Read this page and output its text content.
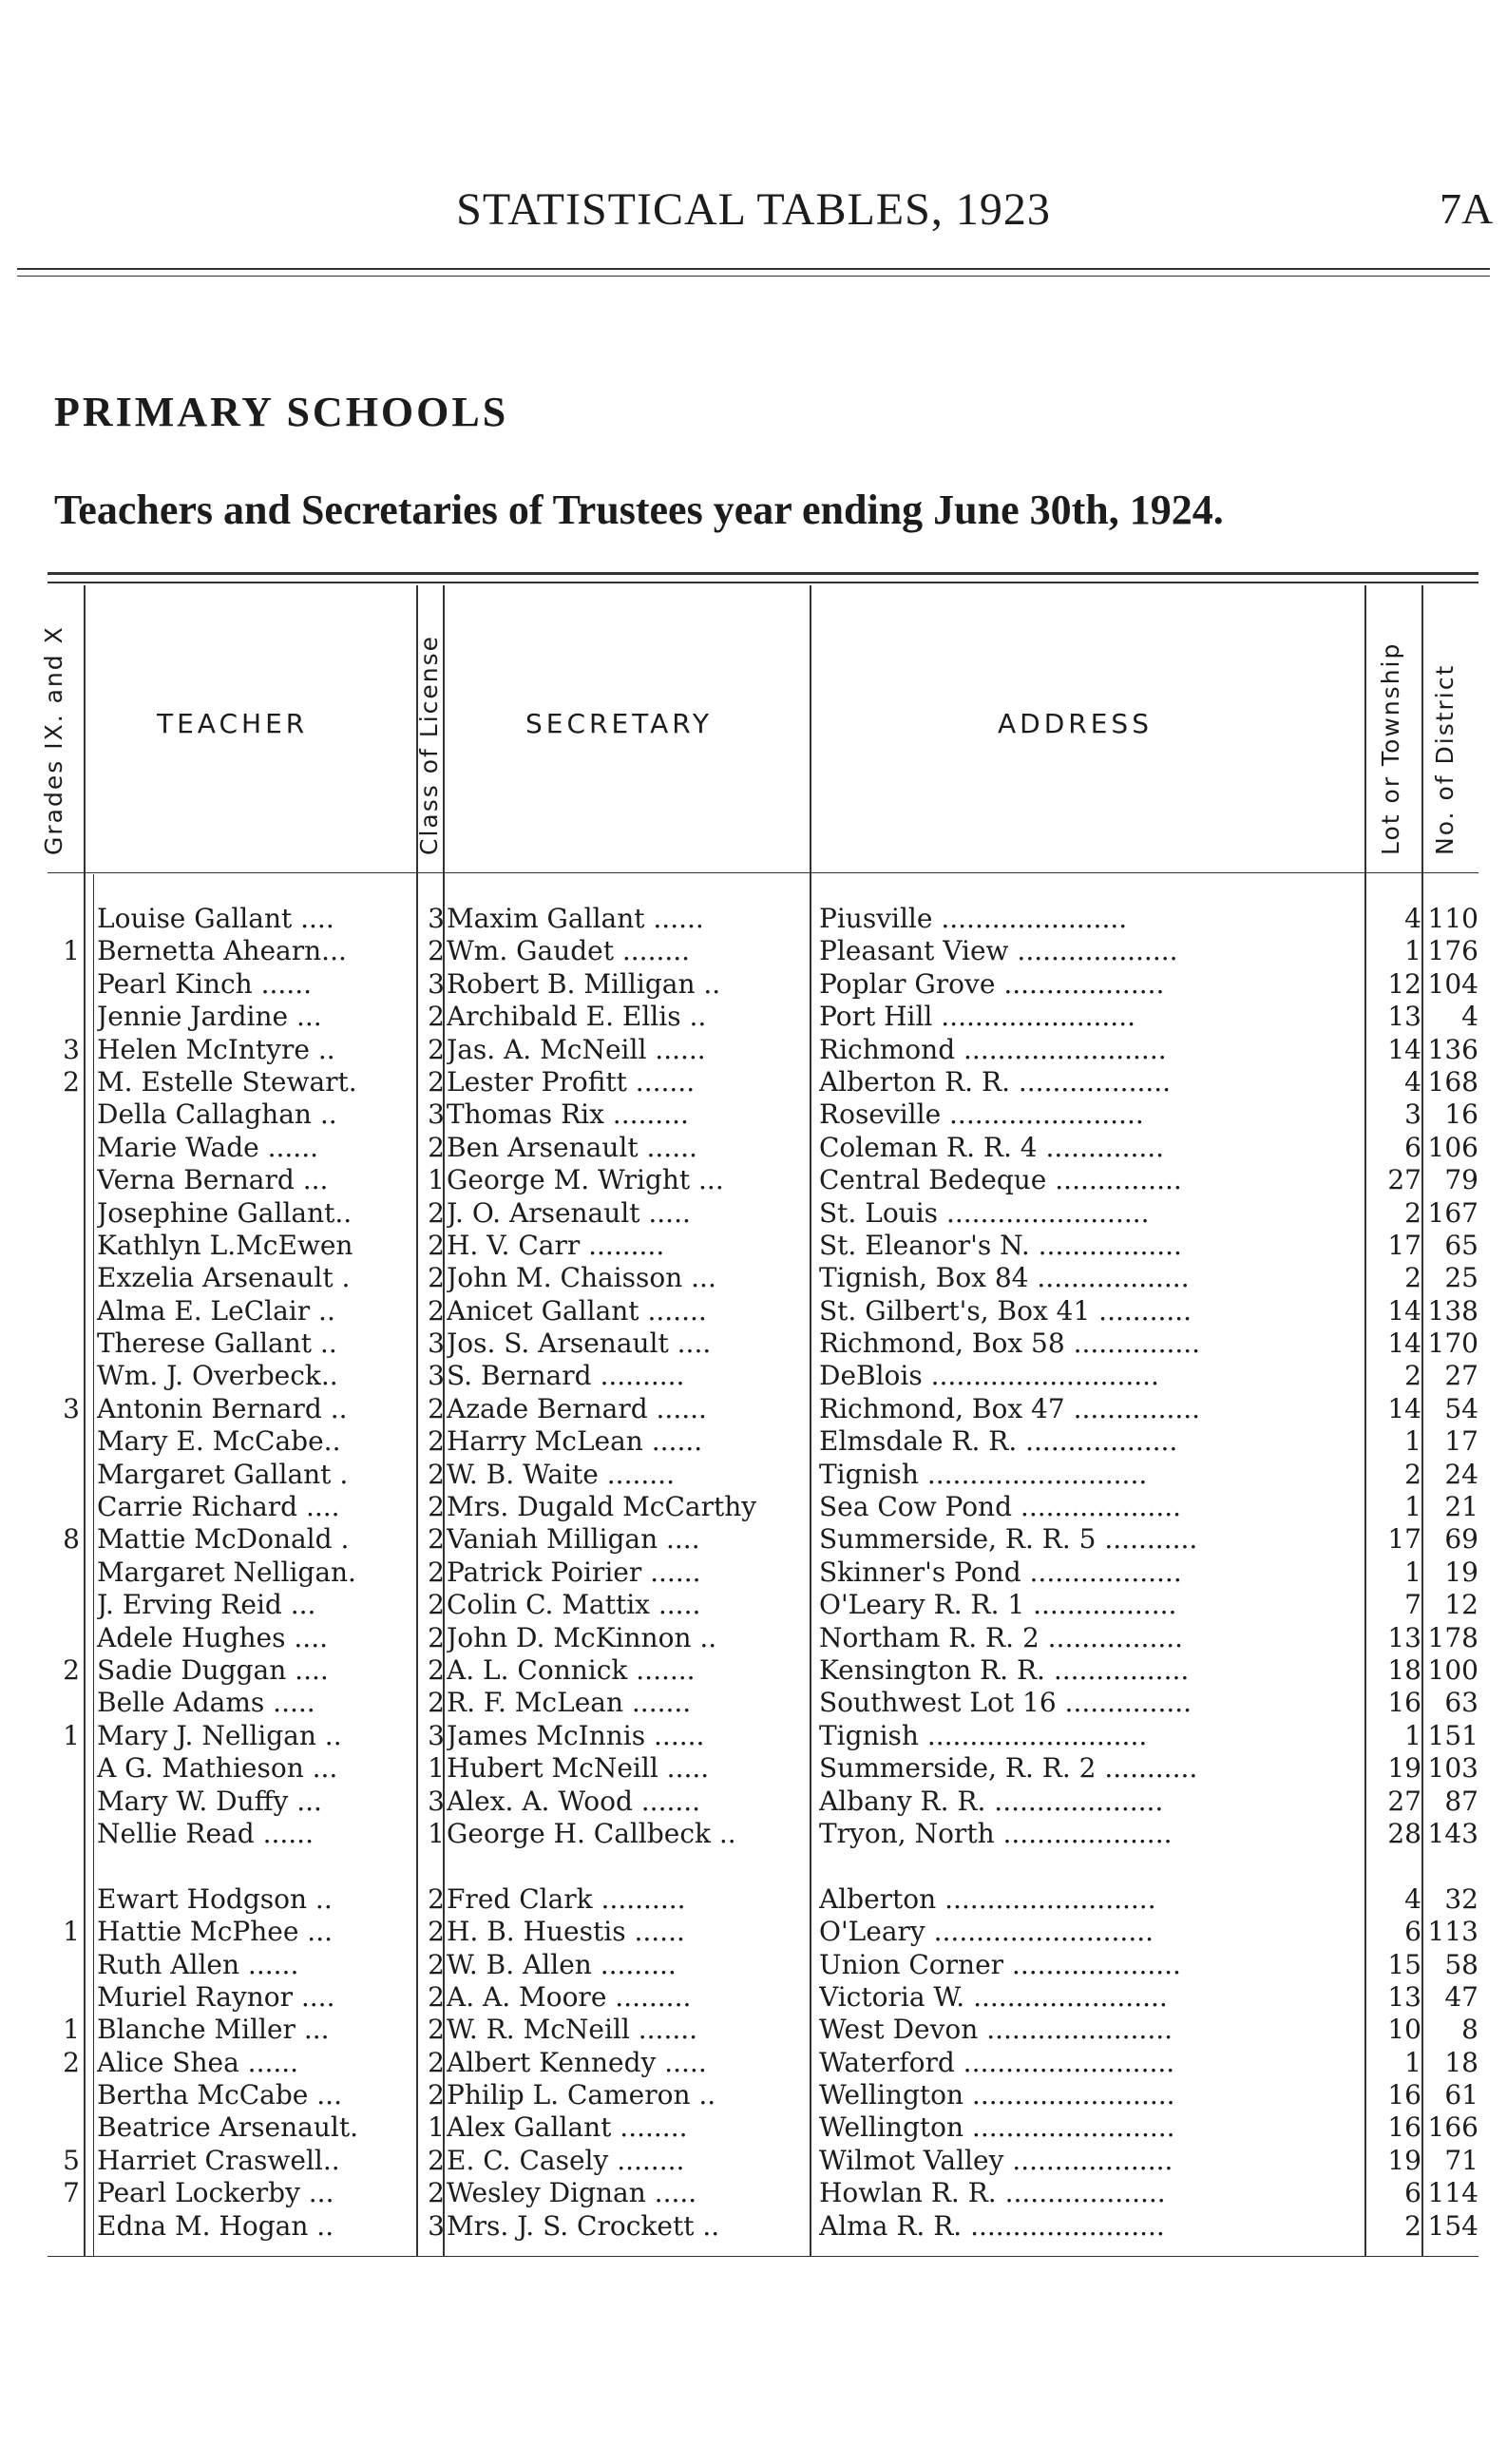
STATISTICAL TABLES, 1923	7A
PRIMARY SCHOOLS
Teachers and Secretaries of Trustees year ending June 30th, 1924.
Grades IX. and X	TEACHER	Class of License	SECRETARY	ADDRESS	Lot or Township No. of District
Louise Gallant ....	3 Maxim Gallant ......	Piusville ......................	4 110
1 Bernetta Ahearn...	2 Wm. Gaudet ........	Pleasant View ...................	1 176
Pearl Kinch ......	3 Robert B. Milligan ..	Poplar Grove ...................	12 104
Jennie Jardine ...	2 Archibald E. Ellis ..	Port Hill .......................	13	4
3 Helen McIntyre ..	2 Jas. A. McNeill ......	Richmond ........................	14 136
2 M. Estelle Stewart.	2 Lester Profitt .......	Alberton R. R. ..................	4 168
Della Callaghan ..	3 Thomas Rix .........	Roseville .......................	3 16
Marie Wade ......	2 Ben Arsenault ......	Coleman R. R. 4 ..............	6 106
Verna Bernard ...	1 George M. Wright ...	Central Bedeque ...............	27 79
Josephine Gallant..	2 J. O. Arsenault .....	St. Louis ........................	2 167
Kathlyn L.McEwen	2 H. V. Carr .........	St. Eleanor's N. .................	17 65
Exzelia Arsenault .	2 John M. Chaisson ...	Tignish, Box 84 ..................	2 25
Alma E. LeClair ..	2 Anicet Gallant .......	St. Gilbert's, Box 41 ...........	14 138
Therese Gallant ..	3 Jos. S. Arsenault ....	Richmond, Box 58 ...............	14 170
Wm. J. Overbeck..	3 S. Bernard ..........	DeBlois ...........................	2 27
3 Antonin Bernard ..	2 Azade Bernard ......	Richmond, Box 47 ...............	14 54
Mary E. McCabe..	2 Harry McLean ......	Elmsdale R. R. ..................	1 17
Margaret Gallant .	2 W. B. Waite ........	Tignish ..........................	2 24
Carrie Richard ....	2 Mrs. Dugald McCarthy	Sea Cow Pond ...................	1 21
8 Mattie McDonald .	2 Vaniah Milligan ....	Summerside, R. R. 5 ...........	17 69
Margaret Nelligan.	2 Patrick Poirier ......	Skinner's Pond ..................	1 19
J. Erving Reid ...	2 Colin C. Mattix .....	O'Leary R. R. 1 .................	7 12
Adele Hughes ....	2 John D. McKinnon ..	Northam R. R. 2 ................	13 178
2 Sadie Duggan ....	2 A. L. Connick .......	Kensington R. R. ................	18 100
Belle Adams .....	2 R. F. McLean .......	Southwest Lot 16 ...............	16 63
1 Mary J. Nelligan ..	3 James McInnis ......	Tignish ..........................	1 151
A G. Mathieson ...	1 Hubert McNeill .....	Summerside, R. R. 2 ...........	19 103
Mary W. Duffy ...	3 Alex. A. Wood .......	Albany R. R. ....................	27 87
Nellie Read ......	1 George H. Callbeck ..	Tryon, North ....................	28 143
Ewart Hodgson ..	2 Fred Clark ..........	Alberton .........................	4 32
1 Hattie McPhee ...	2 H. B. Huestis ......	O'Leary ..........................	6 113
Ruth Allen ......	2 W. B. Allen .........	Union Corner ....................	15 58
Muriel Raynor ....	2 A. A. Moore .........	Victoria W. .......................	13 47
1 Blanche Miller ...	2 W. R. McNeill .......	West Devon ......................	10	8
2 Alice Shea ......	2 Albert Kennedy .....	Waterford .........................	1 18
Bertha McCabe ...	2 Philip L. Cameron ..	Wellington ........................	16 61
Beatrice Arsenault.	1 Alex Gallant ........	Wellington ........................	16 166
5 Harriet Craswell..	2 E. C. Casely ........	Wilmot Valley ...................	19 71
7 Pearl Lockerby ...	2 Wesley Dignan .....	Howlan R. R. ...................	6 114
Edna M. Hogan ..	3 Mrs. J. S. Crockett ..	Alma R. R. .......................	2 154
